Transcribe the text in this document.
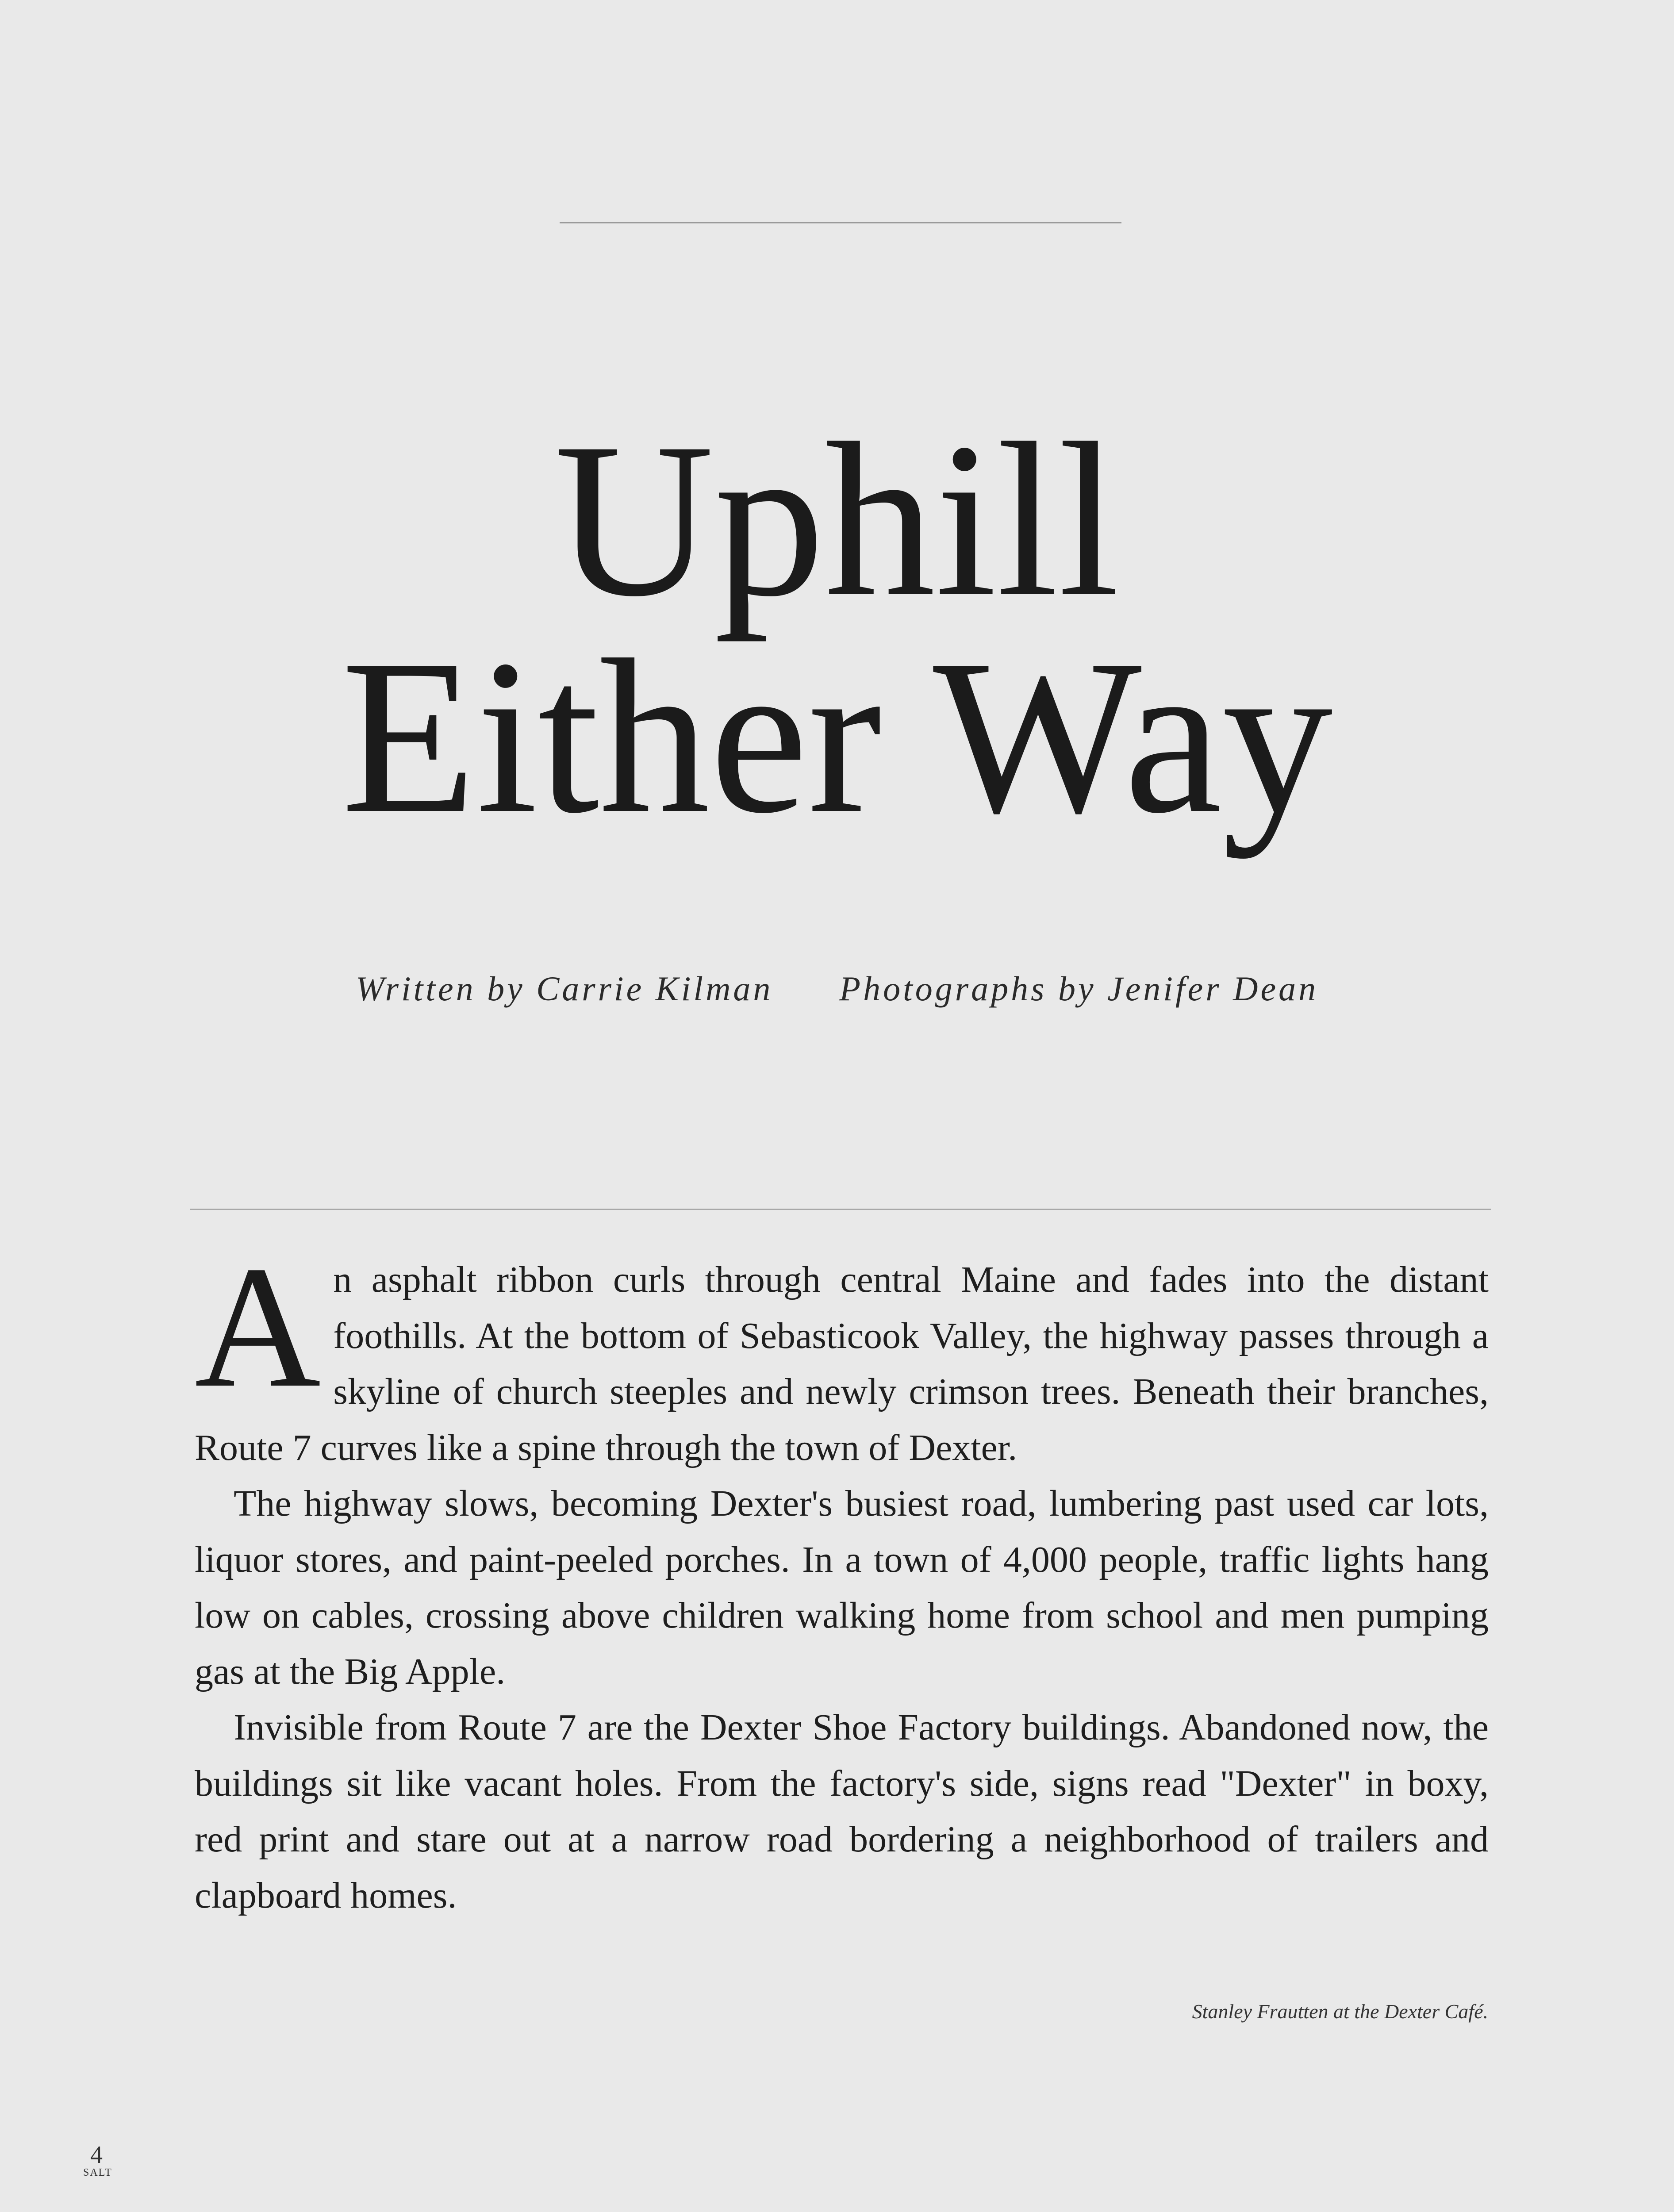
Uphill
Either Way
Written by Carrie Kilman Photographs by Jenifer Dean

An asphalt ribbon curls through central Maine and fades into the distant foothills. At the bottom of Sebasticook Valley, the highway passes through a skyline of church steeples and newly crimson trees. Beneath their branches, Route 7 curves like a spine through the town of Dexter.

The highway slows, becoming Dexter's busiest road, lumbering past used car lots, liquor stores, and paint-peeled porches. In a town of 4,000 people, traffic lights hang low on cables, crossing above children walking home from school and men pumping gas at the Big Apple.

Invisible from Route 7 are the Dexter Shoe Factory buildings. Abandoned now, the buildings sit like vacant holes. From the factory's side, signs read "Dexter" in boxy, red print and stare out at a narrow road bordering a neighborhood of trailers and clapboard homes.

Stanley Frautten at the Dexter Café.
4
SALT
